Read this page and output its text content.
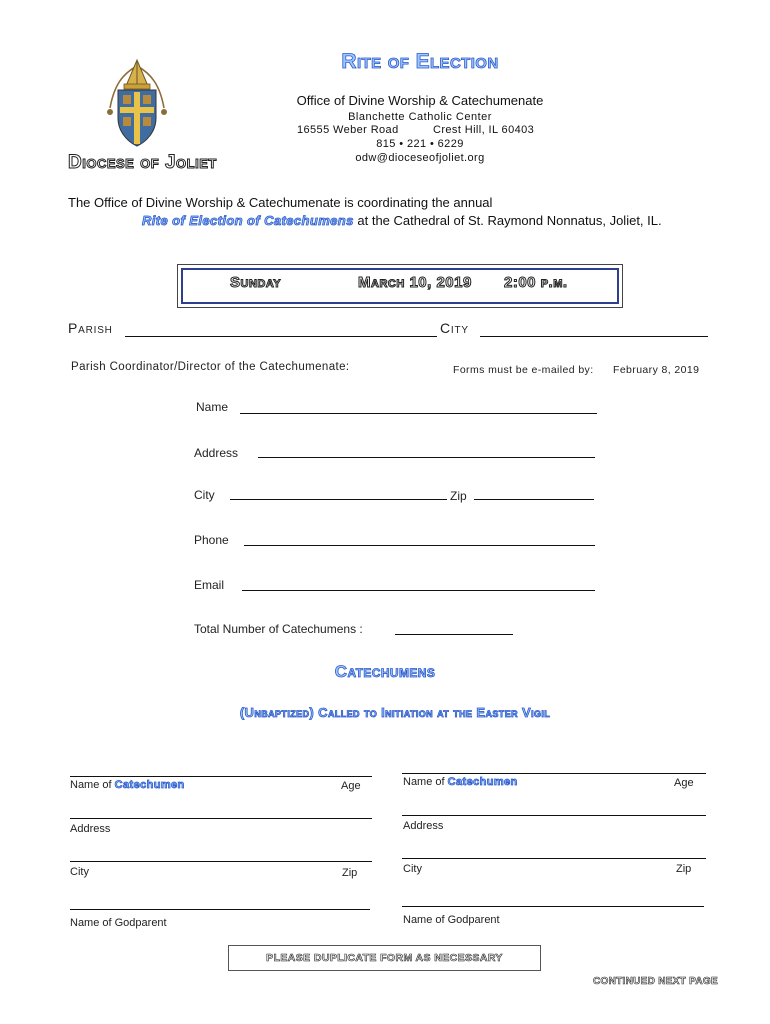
Diocese of Joliet
Rite of Election
Office of Divine Worship & Catechumenate
Blanchette Catholic Center
16555 Weber Road	Crest Hill, IL 60403
815 • 221 • 6229
odw@dioceseofjoliet.org
The Office of Divine Worship & Catechumenate is coordinating the annual
Rite of Election of Catechumens at the Cathedral of St. Raymond Nonnatus, Joliet, IL.
Sunday	March 10, 2019 2:00 p.m.
Parish	City
Parish Coordinator/Director of the Catechumenate:	Forms must be e-mailed by: February 8, 2019
Name
Address
City	Zip
Phone
Email
Total Number of Catechumens :
Catechumens
(Unbaptized) Called to Initiation at the Easter Vigil
Name of Catechumen	Age
Address
City	Zip
Name of Godparent
Name of Catechumen	Age
Address
City	Zip
Name of Godparent
PLEASE DUPLICATE FORM AS NECESSARY
CONTINUED NEXT PAGE
